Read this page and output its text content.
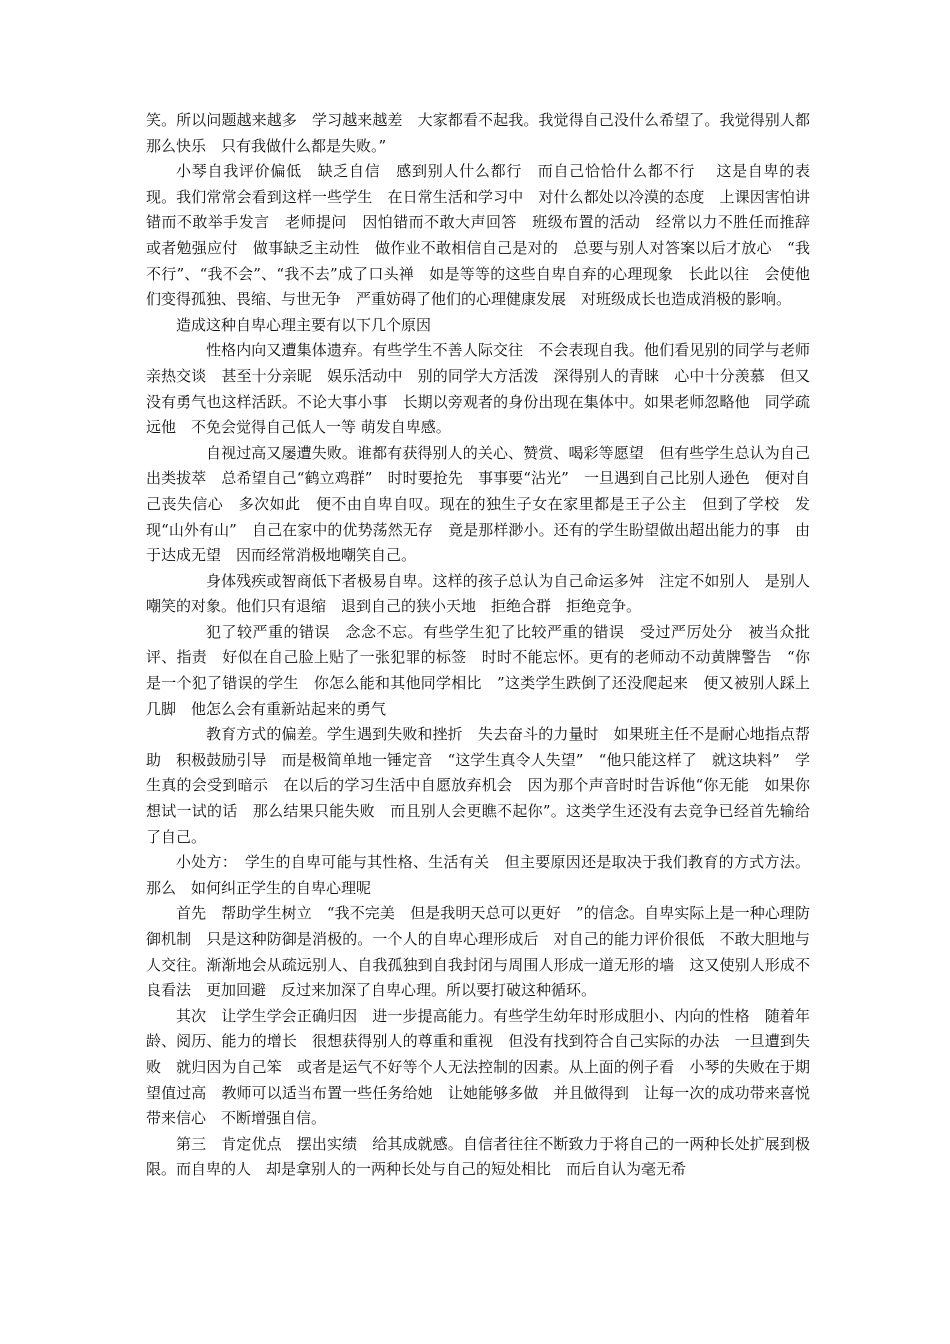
笑。所以问题越来越多　学习越来越差　大家都看不起我。我觉得自己没什么希望了。我觉得别人都那么快乐　只有我做什么都是失败。”

小琴自我评价偏低　缺乏自信　感到别人什么都行　而自己恰恰什么都不行　 这是自卑的表现。我们常常会看到这样一些学生　在日常生活和学习中　对什么都处以冷漠的态度　上课因害怕讲错而不敢举手发言　老师提问　因怕错而不敢大声回答　班级布置的活动　经常以力不胜任而推辞　或者勉强应付　做事缺乏主动性　做作业不敢相信自己是对的　总要与别人对答案以后才放心　“我不行”、“我不会”、“我不去”成了口头禅　如是等等的这些自卑自弃的心理现象　长此以往　会使他们变得孤独、畏缩、与世无争　严重妨碍了他们的心理健康发展　对班级成长也造成消极的影响。

造成这种自卑心理主要有以下几个原因

性格内向又遭集体遗弃。有些学生不善人际交往　不会表现自我。他们看见别的同学与老师亲热交谈　甚至十分亲昵　娱乐活动中　别的同学大方活泼　深得别人的青睐　心中十分羡慕　但又没有勇气也这样活跃。不论大事小事　长期以旁观者的身份出现在集体中。如果老师忽略他　同学疏远他　不免会觉得自己低人一等 萌发自卑感。

自视过高又屡遭失败。谁都有获得别人的关心、赞赏、喝彩等愿望　但有些学生总认为自己出类拔萃　总希望自己“鹤立鸡群”　时时要抢先　事事要“沾光”　一旦遇到自己比别人逊色　便对自己丧失信心　多次如此　便不由自卑自叹。现在的独生子女在家里都是王子公主　但到了学校　发现“山外有山”　自己在家中的优势荡然无存　竟是那样渺小。还有的学生盼望做出超出能力的事　由于达成无望　因而经常消极地嘲笑自己。

身体残疾或智商低下者极易自卑。这样的孩子总认为自己命运多舛　注定不如别人　是别人嘲笑的对象。他们只有退缩　退到自己的狭小天地　拒绝合群　拒绝竞争。

犯了较严重的错误　念念不忘。有些学生犯了比较严重的错误　受过严厉处分　被当众批评、指责　好似在自己脸上贴了一张犯罪的标签　时时不能忘怀。更有的老师动不动黄牌警告　“你是一个犯了错误的学生　你怎么能和其他同学相比　”这类学生跌倒了还没爬起来　便又被别人踩上几脚　他怎么会有重新站起来的勇气

教育方式的偏差。学生遇到失败和挫折　失去奋斗的力量时　如果班主任不是耐心地指点帮助　积极鼓励引导　而是极简单地一锤定音　“这学生真令人失望”　“他只能这样了　就这块料”　学生真的会受到暗示　在以后的学习生活中自愿放弃机会　因为那个声音时时告诉他“你无能　如果你想试一试的话　那么结果只能失败　而且别人会更瞧不起你”。这类学生还没有去竞争已经首先输给了自己。

小处方：　学生的自卑可能与其性格、生活有关　但主要原因还是取决于我们教育的方式方法。那么　如何纠正学生的自卑心理呢

首先　帮助学生树立　“我不完美　但是我明天总可以更好　”的信念。自卑实际上是一种心理防御机制　只是这种防御是消极的。一个人的自卑心理形成后　对自己的能力评价很低　不敢大胆地与人交往。渐渐地会从疏远别人、自我孤独到自我封闭与周围人形成一道无形的墙　这又使别人形成不良看法　更加回避　反过来加深了自卑心理。所以要打破这种循环。

其次　让学生学会正确归因　进一步提高能力。有些学生幼年时形成胆小、内向的性格　随着年龄、阅历、能力的增长　很想获得别人的尊重和重视　但没有找到符合自己实际的办法　一旦遭到失败　就归因为自己笨　或者是运气不好等个人无法控制的因素。从上面的例子看　小琴的失败在于期望值过高　教师可以适当布置一些任务给她　让她能够多做　并且做得到　让每一次的成功带来喜悦　带来信心　不断增强自信。

第三　肯定优点　摆出实绩　给其成就感。自信者往往不断致力于将自己的一两种长处扩展到极限。而自卑的人　却是拿别人的一两种长处与自己的短处相比　而后自认为毫无希
